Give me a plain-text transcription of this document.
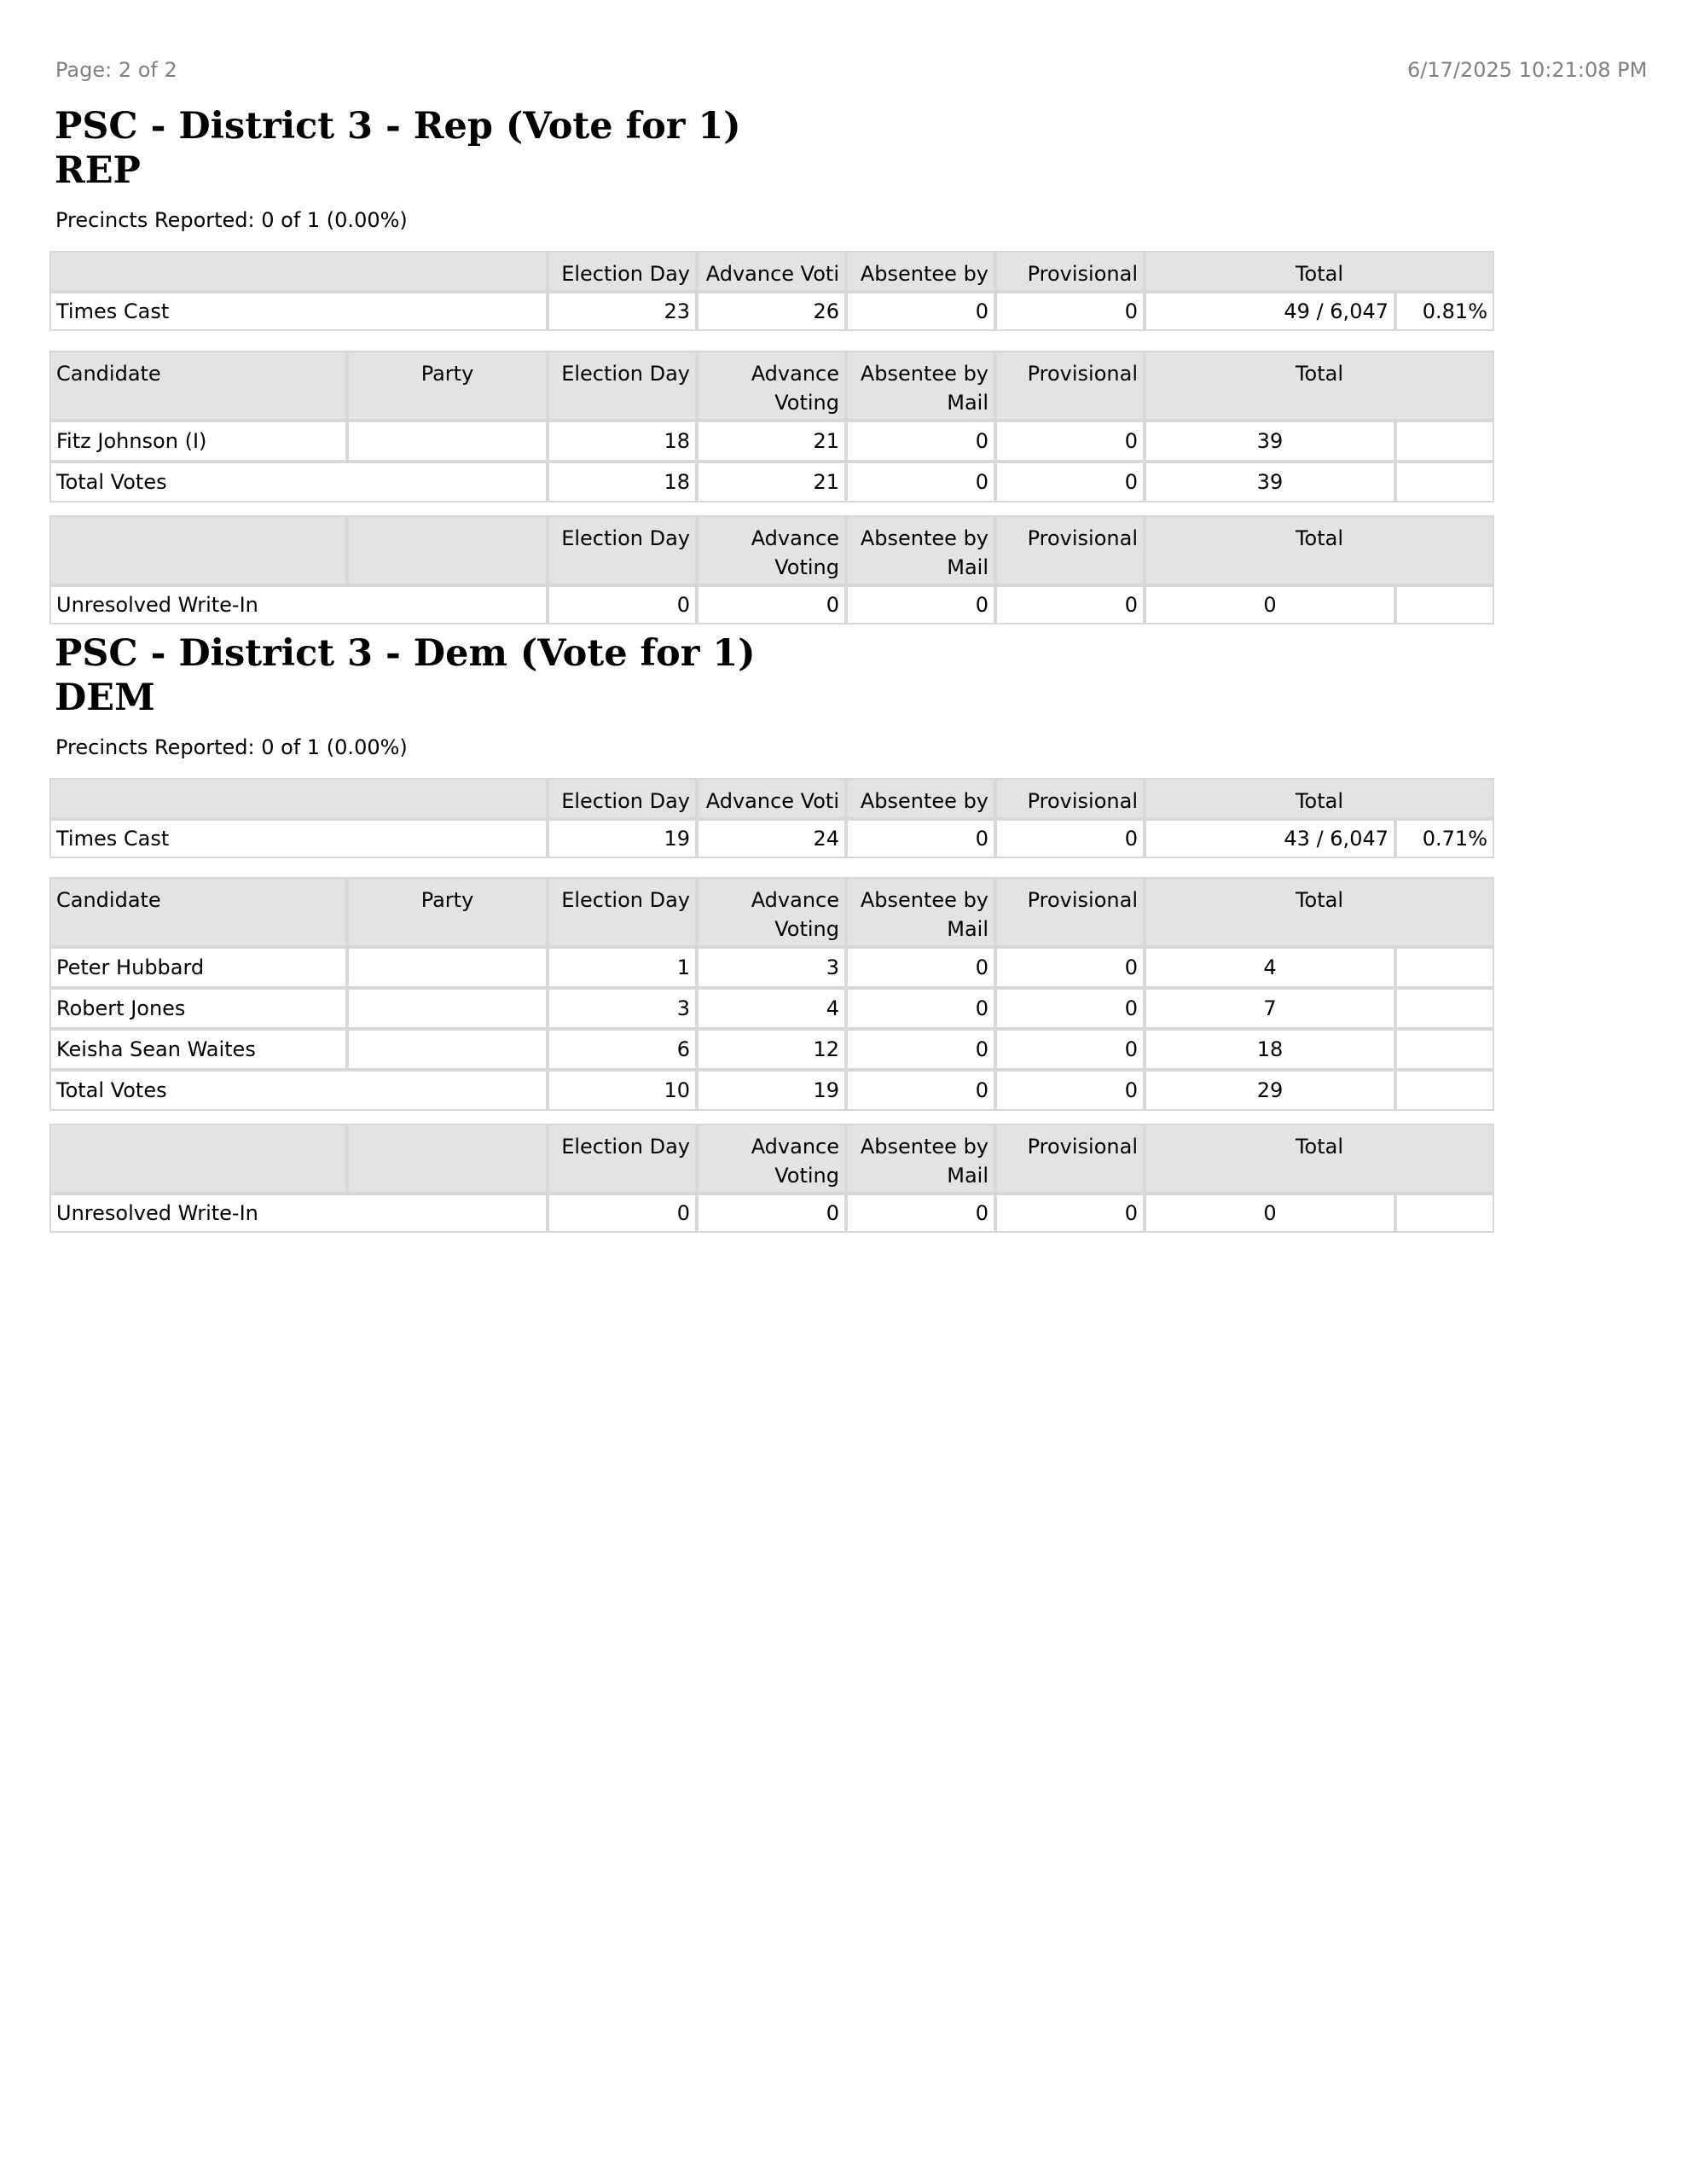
Page: 2 of 2	6/17/2025 10:21:08 PM
PSC - District 3 - Rep (Vote for 1)
REP
Precincts Reported: 0 of 1 (0.00%)
	Election Day	Advance Voti	Absentee by	Provisional	Total	
Times Cast	23	26	0	0	49 / 6,047	0.81%
Candidate	Party	Election Day	Advance Voting	Absentee by Mail	Provisional	Total	
Fitz Johnson (I)		18	21	0	0	39	
Total Votes		18	21	0	0	39	
		Election Day	Advance Voting	Absentee by Mail	Provisional	Total	
Unresolved Write-In		0	0	0	0	0	
PSC - District 3 - Dem (Vote for 1)
DEM
Precincts Reported: 0 of 1 (0.00%)
	Election Day	Advance Voti	Absentee by	Provisional	Total	
Times Cast	19	24	0	0	43 / 6,047	0.71%
Candidate	Party	Election Day	Advance Voting	Absentee by Mail	Provisional	Total	
Peter Hubbard		1	3	0	0	4	
Robert Jones		3	4	0	0	7	
Keisha Sean Waites		6	12	0	0	18	
Total Votes		10	19	0	0	29	
		Election Day	Advance Voting	Absentee by Mail	Provisional	Total	
Unresolved Write-In		0	0	0	0	0	
